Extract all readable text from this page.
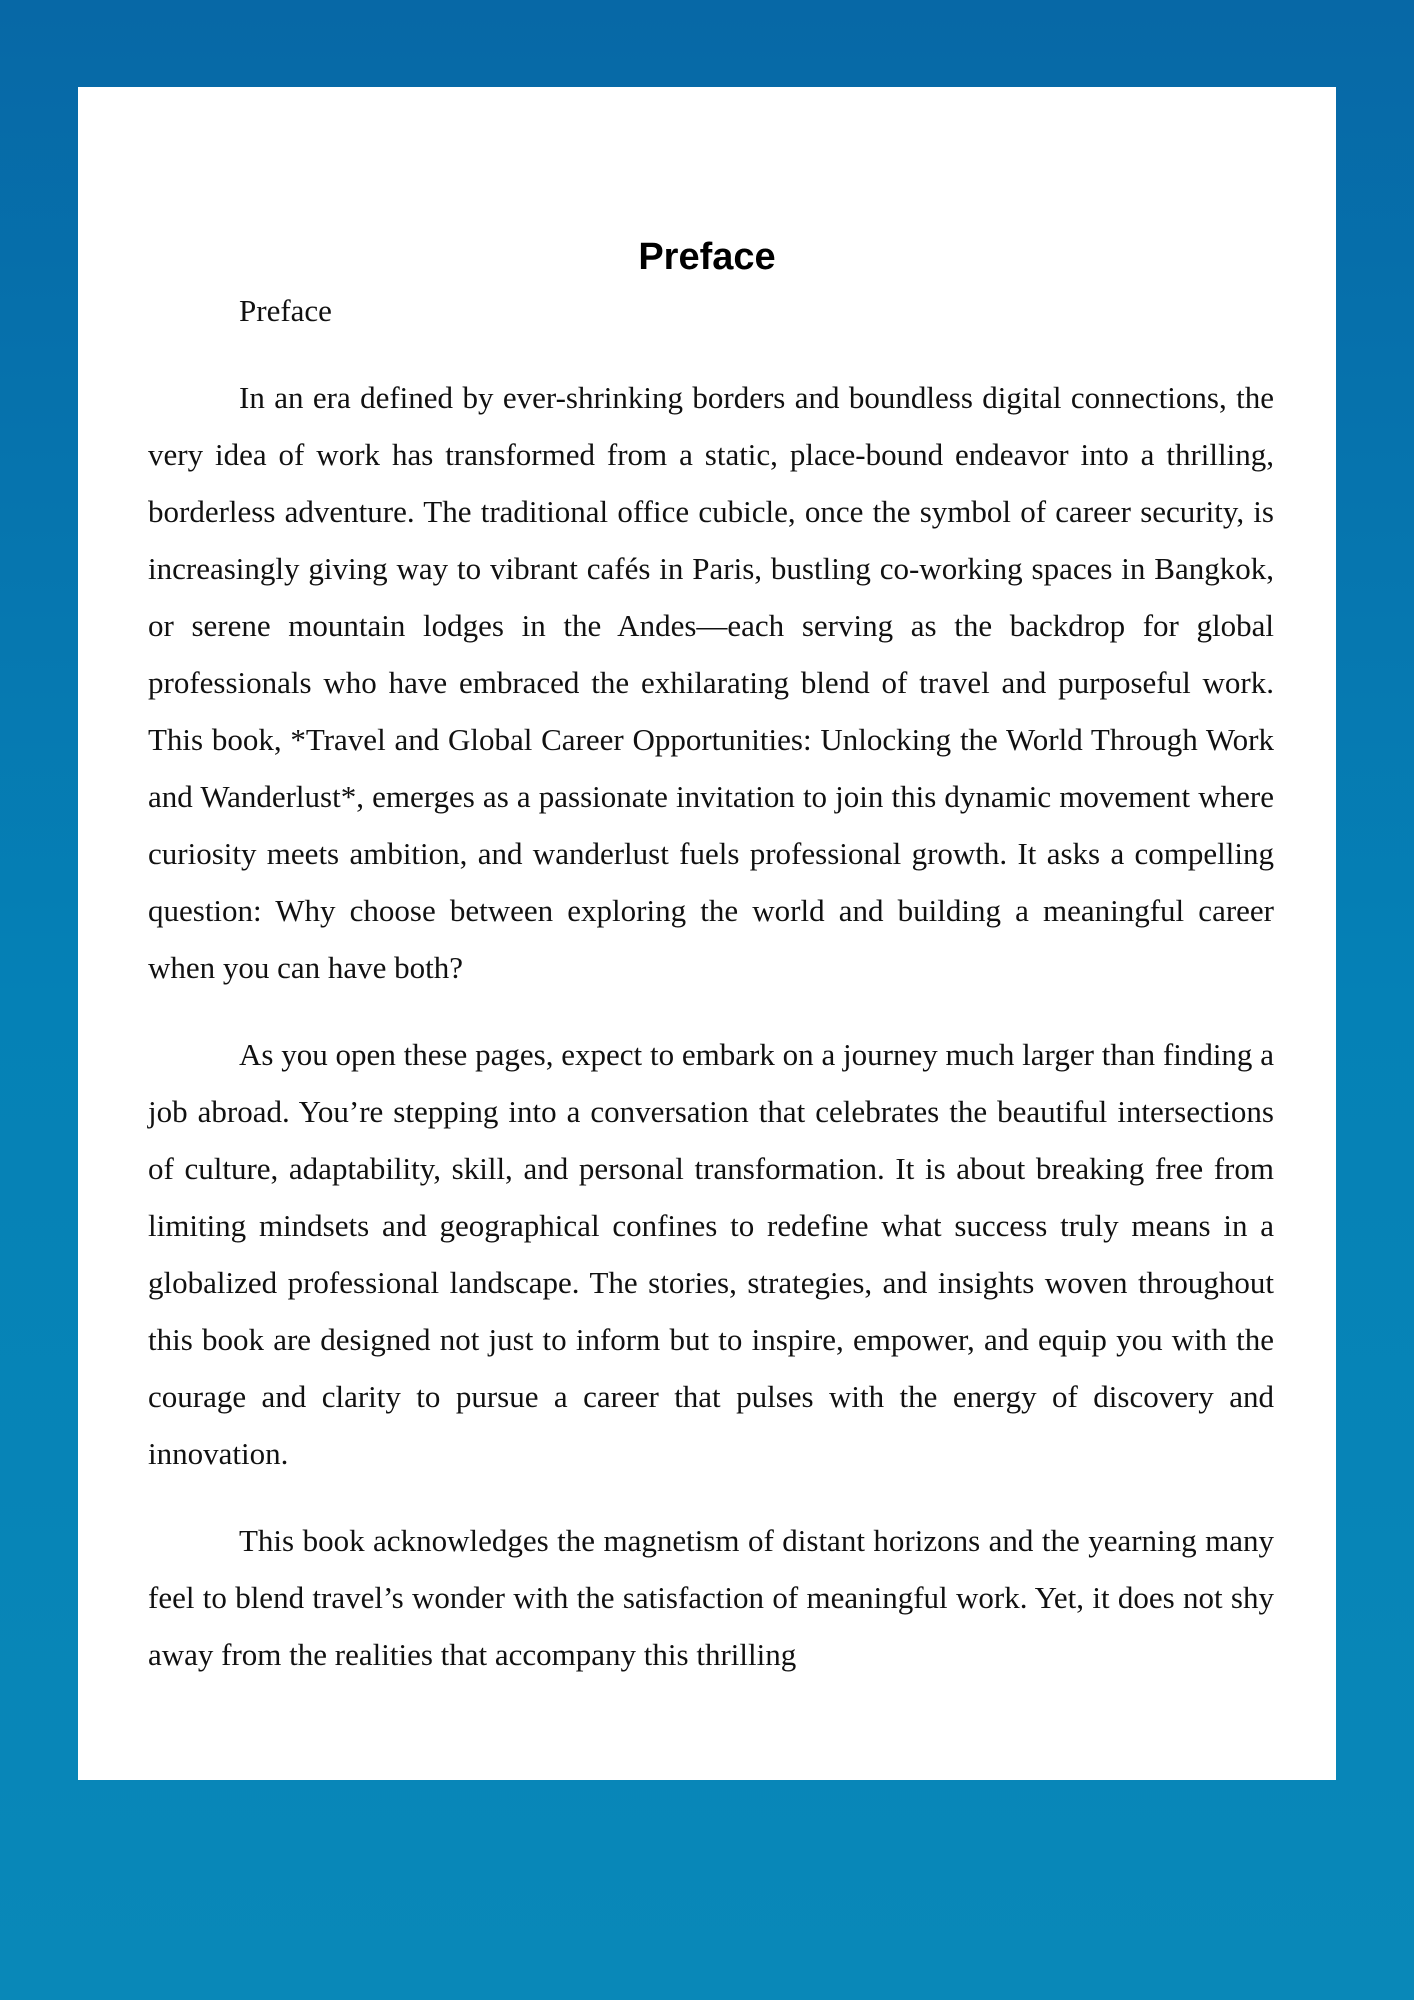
Preface

Preface

In an era defined by ever-shrinking borders and boundless digital connections, the very idea of work has transformed from a static, place-bound endeavor into a thrilling, borderless adventure. The traditional office cubicle, once the symbol of career security, is increasingly giving way to vibrant cafés in Paris, bustling co-working spaces in Bangkok, or serene mountain lodges in the Andes—each serving as the backdrop for global professionals who have embraced the exhilarating blend of travel and purposeful work. This book, *Travel and Global Career Opportunities: Unlocking the World Through Work and Wanderlust*, emerges as a passionate invitation to join this dynamic movement where curiosity meets ambition, and wanderlust fuels professional growth. It asks a compelling question: Why choose between exploring the world and building a meaningful career when you can have both?

As you open these pages, expect to embark on a journey much larger than finding a job abroad. You’re stepping into a conversation that celebrates the beautiful intersections of culture, adaptability, skill, and personal transformation. It is about breaking free from limiting mindsets and geographical confines to redefine what success truly means in a globalized professional landscape. The stories, strategies, and insights woven throughout this book are designed not just to inform but to inspire, empower, and equip you with the courage and clarity to pursue a career that pulses with the energy of discovery and innovation.

This book acknowledges the magnetism of distant horizons and the yearning many feel to blend travel’s wonder with the satisfaction of meaningful work. Yet, it does not shy away from the realities that accompany this thrilling
